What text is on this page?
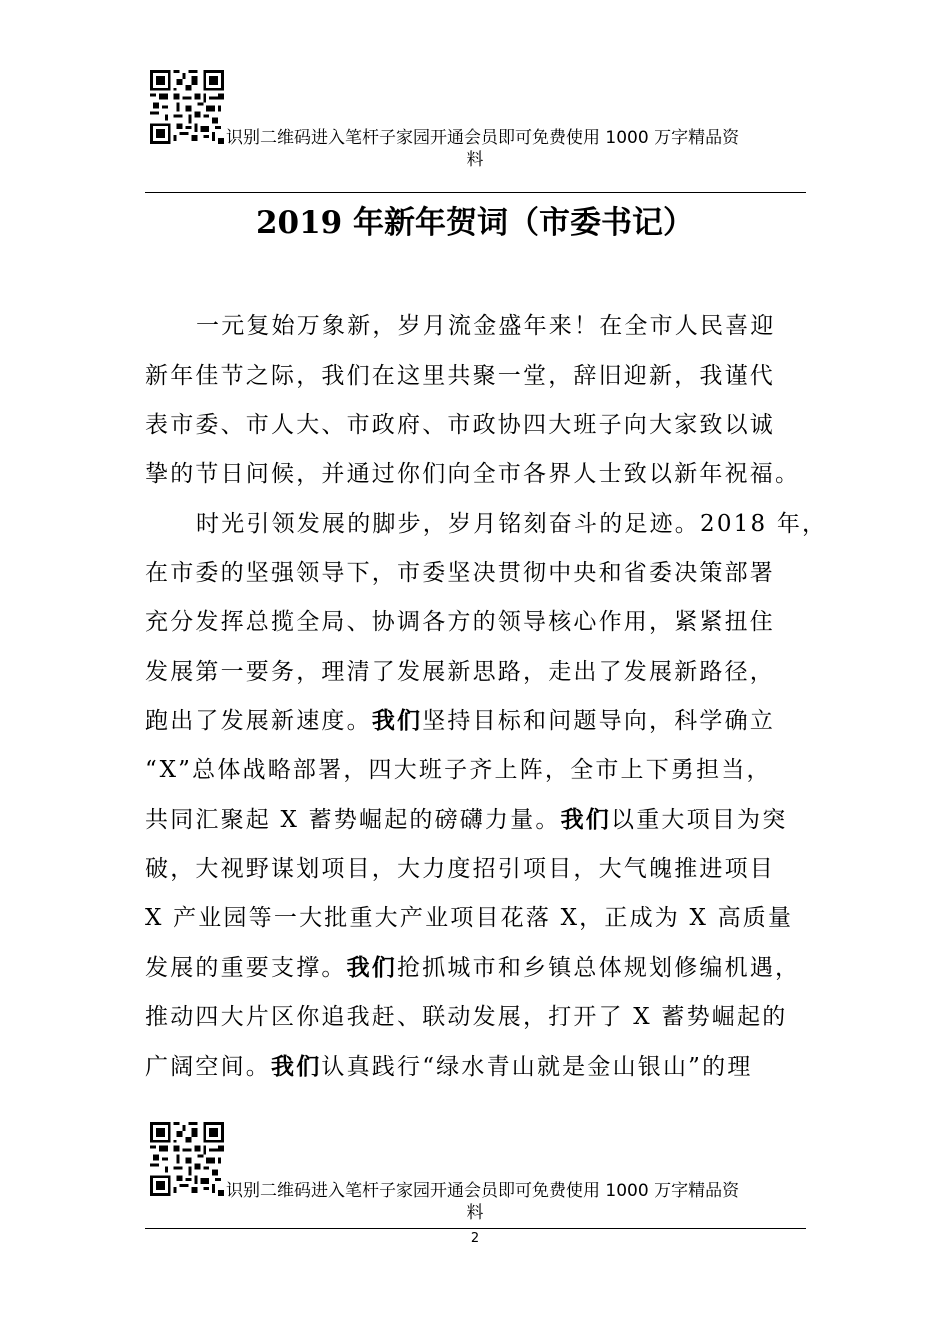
识别二维码进入笔杆子家园开通会员即可免费使用 1000 万字精品资
料
2019 年新年贺词（市委书记）
一元复始万象新，岁月流金盛年来！在全市人民喜迎
新年佳节之际，我们在这里共聚一堂，辞旧迎新，我谨代
表市委、市人大、市政府、市政协四大班子向大家致以诚
挚的节日问候，并通过你们向全市各界人士致以新年祝福。
时光引领发展的脚步，岁月铭刻奋斗的足迹。2018 年，
在市委的坚强领导下，市委坚决贯彻中央和省委决策部署
充分发挥总揽全局、协调各方的领导核心作用，紧紧扭住
发展第一要务，理清了发展新思路，走出了发展新路径，
跑出了发展新速度。我们坚持目标和问题导向，科学确立
“X”总体战略部署，四大班子齐上阵，全市上下勇担当，
共同汇聚起 X 蓄势崛起的磅礴力量。我们以重大项目为突
破，大视野谋划项目，大力度招引项目，大气魄推进项目
X 产业园等一大批重大产业项目花落 X，正成为 X 高质量
发展的重要支撑。我们抢抓城市和乡镇总体规划修编机遇，
推动四大片区你追我赶、联动发展，打开了 X 蓄势崛起的
广阔空间。我们认真践行“绿水青山就是金山银山”的理
识别二维码进入笔杆子家园开通会员即可免费使用 1000 万字精品资
料
2
